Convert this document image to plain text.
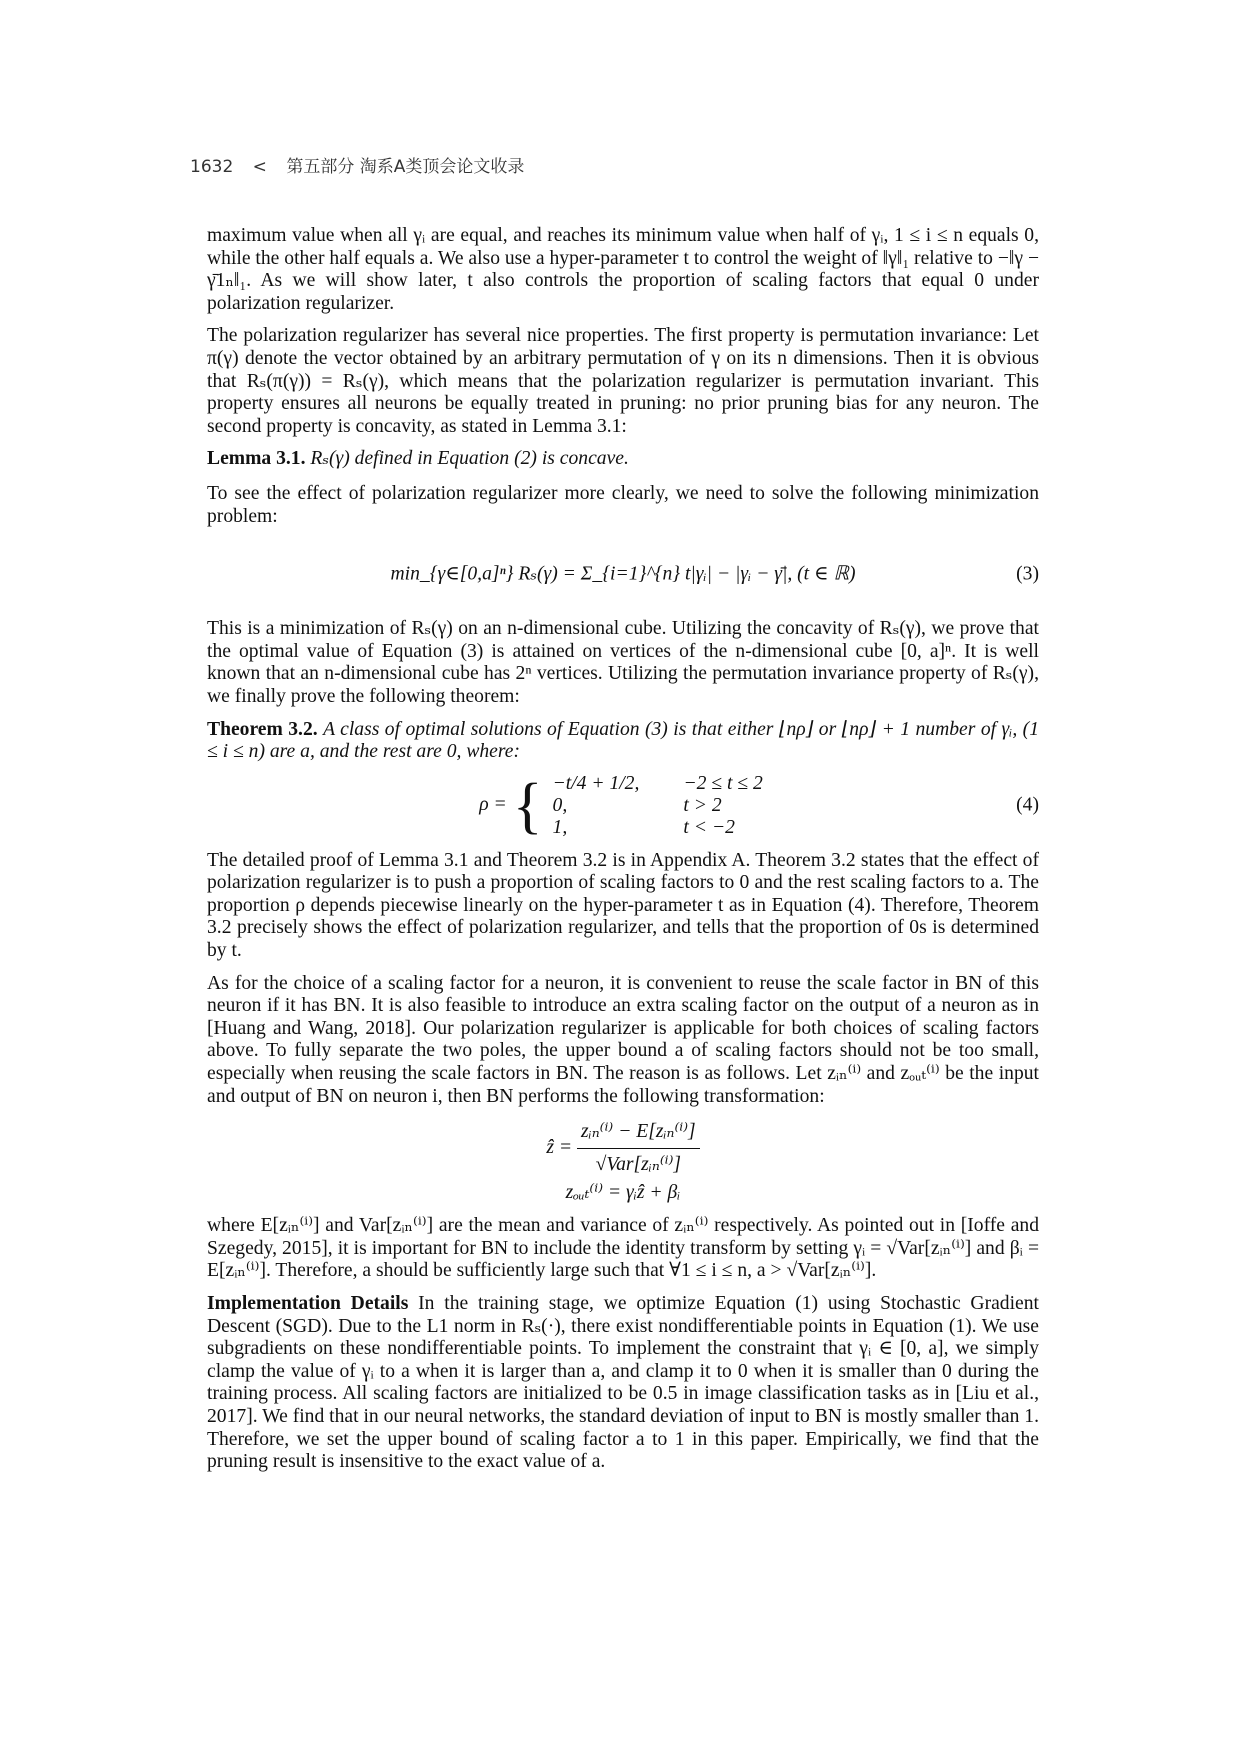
1632 < 第五部分 淘系A类顶会论文收录

maximum value when all γᵢ are equal, and reaches its minimum value when half of γᵢ, 1 ≤ i ≤ n equals 0, while the other half equals a. We also use a hyper-parameter t to control the weight of ‖γ‖₁ relative to −‖γ − γ̄1ₙ‖₁. As we will show later, t also controls the proportion of scaling factors that equal 0 under polarization regularizer.

The polarization regularizer has several nice properties. The first property is permutation invariance: Let π(γ) denote the vector obtained by an arbitrary permutation of γ on its n dimensions. Then it is obvious that Rₛ(π(γ)) = Rₛ(γ), which means that the polarization regularizer is permutation invariant. This property ensures all neurons be equally treated in pruning: no prior pruning bias for any neuron. The second property is concavity, as stated in Lemma 3.1:

Lemma 3.1. Rₛ(γ) defined in Equation (2) is concave.

To see the effect of polarization regularizer more clearly, we need to solve the following minimization problem:

min_{γ∈[0,a]ⁿ} Rₛ(γ) = Σ_{i=1}^{n} t|γᵢ| − |γᵢ − γ̄|, (t ∈ ℝ)	(3)

This is a minimization of Rₛ(γ) on an n-dimensional cube. Utilizing the concavity of Rₛ(γ), we prove that the optimal value of Equation (3) is attained on vertices of the n-dimensional cube [0, a]ⁿ. It is well known that an n-dimensional cube has 2ⁿ vertices. Utilizing the permutation invariance property of Rₛ(γ), we finally prove the following theorem:

Theorem 3.2. A class of optimal solutions of Equation (3) is that either ⌊nρ⌋ or ⌊nρ⌋ + 1 number of γᵢ, (1 ≤ i ≤ n) are a, and the rest are 0, where:

ρ = { −t/4 + 1/2,	−2 ≤ t ≤ 2
0,	t > 2
1,	t < −2
(4)

The detailed proof of Lemma 3.1 and Theorem 3.2 is in Appendix A. Theorem 3.2 states that the effect of polarization regularizer is to push a proportion of scaling factors to 0 and the rest scaling factors to a. The proportion ρ depends piecewise linearly on the hyper-parameter t as in Equation (4). Therefore, Theorem 3.2 precisely shows the effect of polarization regularizer, and tells that the proportion of 0s is determined by t.

As for the choice of a scaling factor for a neuron, it is convenient to reuse the scale factor in BN of this neuron if it has BN. It is also feasible to introduce an extra scaling factor on the output of a neuron as in [Huang and Wang, 2018]. Our polarization regularizer is applicable for both choices of scaling factors above. To fully separate the two poles, the upper bound a of scaling factors should not be too small, especially when reusing the scale factors in BN. The reason is as follows. Let zᵢₙ⁽ⁱ⁾ and zₒᵤₜ⁽ⁱ⁾ be the input and output of BN on neuron i, then BN performs the following transformation:

ẑ = $\frac{\text{zᵢₙ⁽ⁱ⁾ − E[zᵢₙ⁽ⁱ⁾]}}{\text{√Var[zᵢₙ⁽ⁱ⁾]}}$
zₒᵤₜ⁽ⁱ⁾ = γᵢẑ + βᵢ

where E[zᵢₙ⁽ⁱ⁾] and Var[zᵢₙ⁽ⁱ⁾] are the mean and variance of zᵢₙ⁽ⁱ⁾ respectively. As pointed out in [Ioffe and Szegedy, 2015], it is important for BN to include the identity transform by setting γᵢ = √Var[zᵢₙ⁽ⁱ⁾] and βᵢ = E[zᵢₙ⁽ⁱ⁾]. Therefore, a should be sufficiently large such that ∀1 ≤ i ≤ n, a > √Var[zᵢₙ⁽ⁱ⁾].

Implementation Details In the training stage, we optimize Equation (1) using Stochastic Gradient Descent (SGD). Due to the L1 norm in Rₛ(·), there exist nondifferentiable points in Equation (1). We use subgradients on these nondifferentiable points. To implement the constraint that γᵢ ∈ [0, a], we simply clamp the value of γᵢ to a when it is larger than a, and clamp it to 0 when it is smaller than 0 during the training process. All scaling factors are initialized to be 0.5 in image classification tasks as in [Liu et al., 2017]. We find that in our neural networks, the standard deviation of input to BN is mostly smaller than 1. Therefore, we set the upper bound of scaling factor a to 1 in this paper. Empirically, we find that the pruning result is insensitive to the exact value of a.
